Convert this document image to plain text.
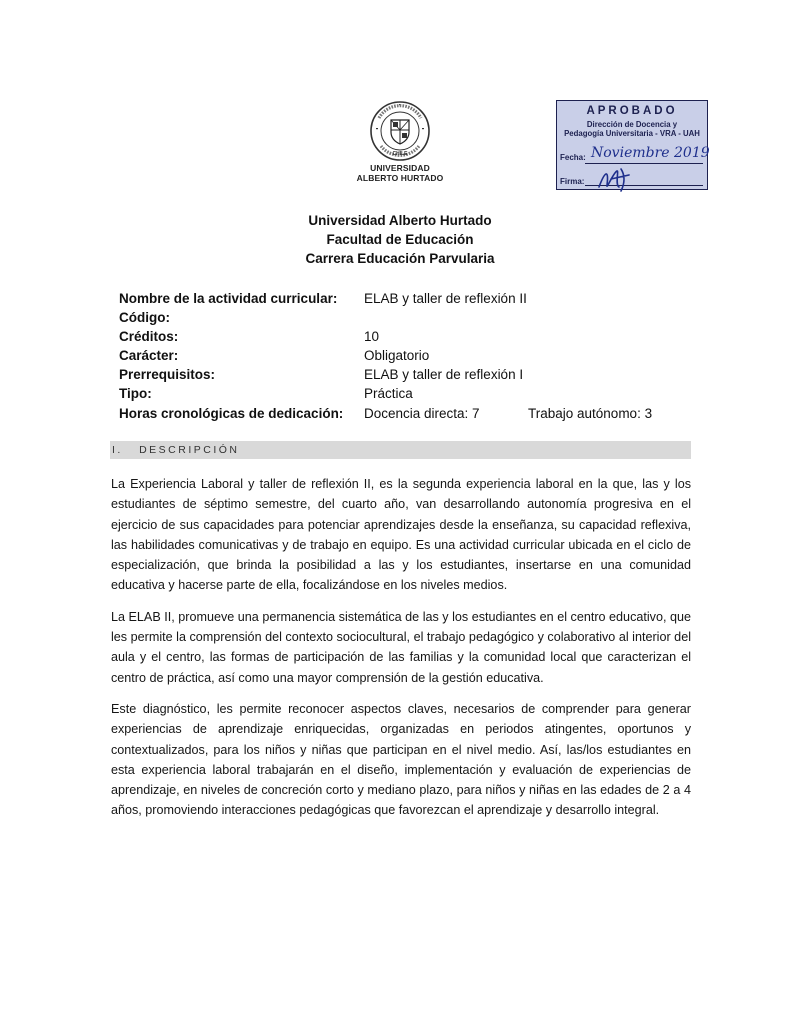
CHILE
UNIVERSIDAD
ALBERTO HURTADO
APROBADO
Dirección de Docencia y
Pedagogía Universitaria - VRA - UAH
Fecha: Noviembre 2019
Firma:
Universidad Alberto Hurtado
Facultad de Educación
Carrera Educación Parvularia
Nombre de la actividad curricular: ELAB y taller de reflexión II
Código:
Créditos:	10
Carácter:	Obligatorio
Prerrequisitos:	ELAB y taller de reflexión I
Tipo:	Práctica
Horas cronológicas de dedicación: Docencia directa: 7	Trabajo autónomo: 3
I.   DESCRIPCIÓN

La Experiencia Laboral y taller de reflexión II, es la segunda experiencia laboral en la que, las y los estudiantes de séptimo semestre, del cuarto año, van desarrollando autonomía progresiva en el ejercicio de sus capacidades para potenciar aprendizajes desde la enseñanza, su capacidad reflexiva, las habilidades comunicativas y de trabajo en equipo. Es una actividad curricular ubicada en el ciclo de especialización, que brinda la posibilidad a las y los estudiantes, insertarse en una comunidad educativa y hacerse parte de ella, focalizándose en los niveles medios.

La ELAB II, promueve una permanencia sistemática de las y los estudiantes en el centro educativo, que les permite la comprensión del contexto sociocultural, el trabajo pedagógico y colaborativo al interior del aula y el centro, las formas de participación de las familias y la comunidad local que caracterizan el centro de práctica, así como una mayor comprensión de la gestión educativa.

Este diagnóstico, les permite reconocer aspectos claves, necesarios de comprender para generar experiencias de aprendizaje enriquecidas, organizadas en periodos atingentes, oportunos y contextualizados, para los niños y niñas que participan en el nivel medio. Así, las/los estudiantes en esta experiencia laboral trabajarán en el diseño, implementación y evaluación de experiencias de aprendizaje, en niveles de concreción corto y mediano plazo, para niños y niñas en las edades de 2 a 4 años, promoviendo interacciones pedagógicas que favorezcan el aprendizaje y desarrollo integral.
